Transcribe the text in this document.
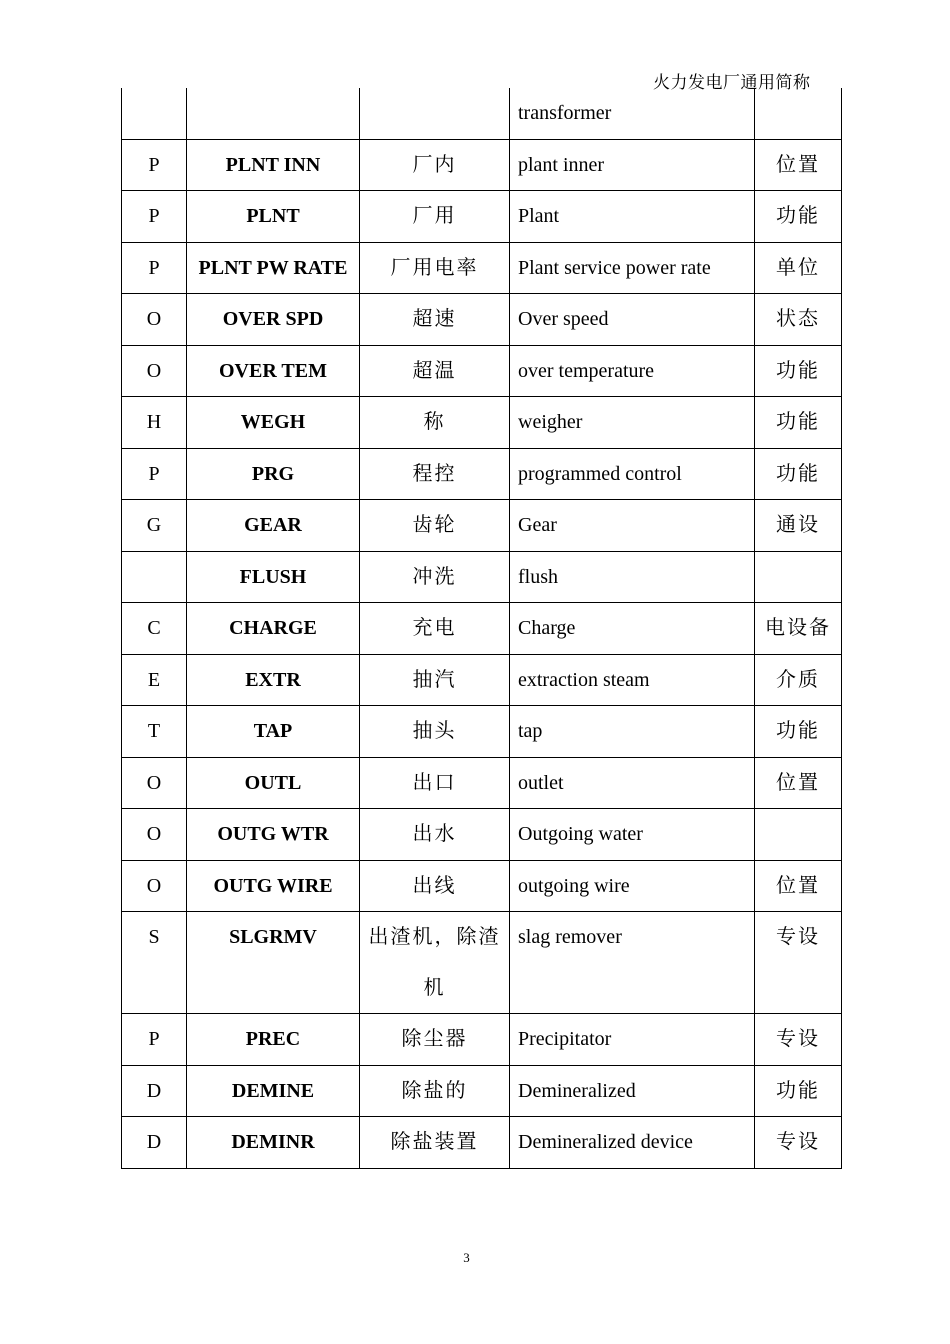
火力发电厂通用简称
			transformer	
P	PLNT INN	厂内	plant inner	位置
P	PLNT	厂用	Plant	功能
P	PLNT PW RATE	厂用电率	Plant service power rate	单位
O	OVER SPD	超速	Over speed	状态
O	OVER TEM	超温	over temperature	功能
H	WEGH	称	weigher	功能
P	PRG	程控	programmed control	功能
G	GEAR	齿轮	Gear	通设
	FLUSH	冲洗	flush	
C	CHARGE	充电	Charge	电设备
E	EXTR	抽汽	extraction steam	介质
T	TAP	抽头	tap	功能
O	OUTL	出口	outlet	位置
O	OUTG WTR	出水	Outgoing water	
O	OUTG WIRE	出线	outgoing wire	位置
S	SLGRMV	出渣机，除渣机	slag remover	专设
P	PREC	除尘器	Precipitator	专设
D	DEMINE	除盐的	Demineralized	功能
D	DEMINR	除盐装置	Demineralized device	专设
3
